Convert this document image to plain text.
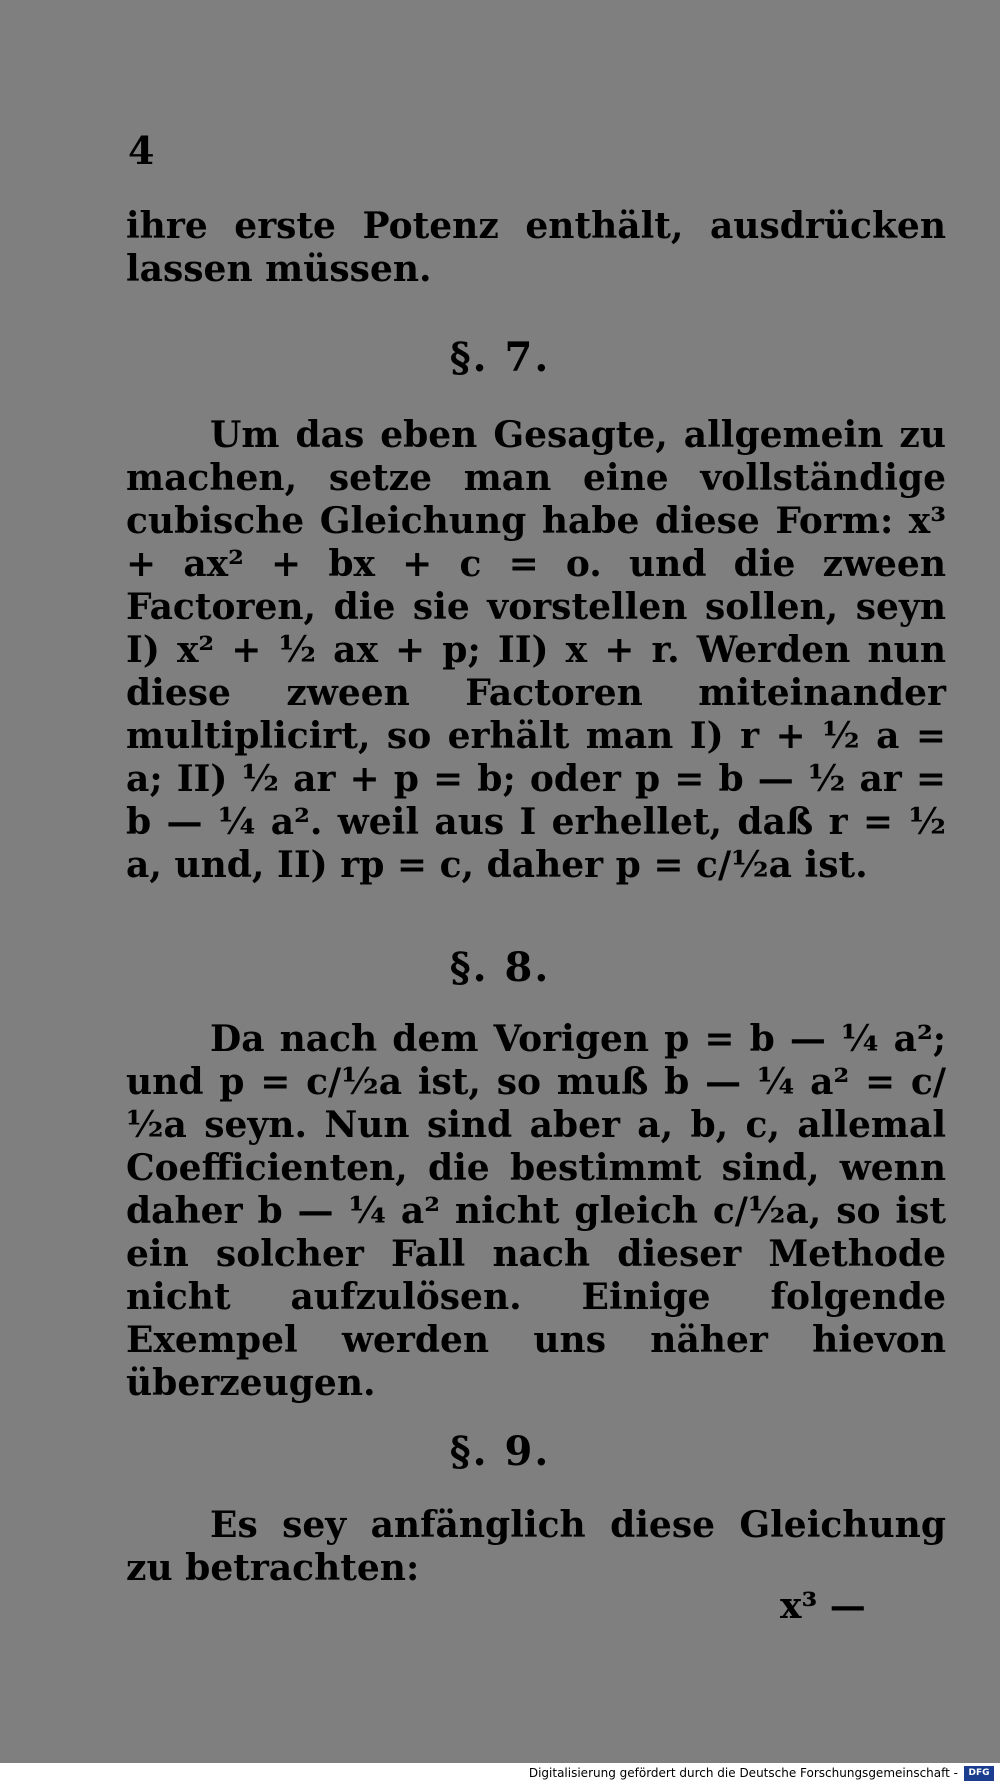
4

ihre erste Potenz enthält, ausdrücken lassen müssen.

§. 7.

Um das eben Gesagte, allgemein zu machen, setze man eine vollständige cubische Gleichung habe diese Form: x³ + ax² + bx + c = o. und die zween Factoren, die sie vorstellen sollen, seyn I) x² + ½ ax + p; II) x + r. Werden nun diese zween Factoren miteinander multiplicirt, so erhält man I) r + ½ a = a; II) ½ ar + p = b; oder p = b — ½ ar = b — ¼ a². weil aus I erhellet, daß r = ½ a, und, II) rp = c, daher p = c/½a ist.

§. 8.

Da nach dem Vorigen p = b — ¼ a²; und p = c/½a ist, so muß b — ¼ a² = c/½a seyn. Nun sind aber a, b, c, allemal Coefficienten, die bestimmt sind, wenn daher b — ¼ a² nicht gleich c/½a, so ist ein solcher Fall nach dieser Methode nicht aufzulösen. Einige folgende Exempel werden uns näher hievon überzeugen.

§. 9.

Es sey anfänglich diese Gleichung zu betrachten:

x³ —
Digitalisierung gefördert durch die Deutsche Forschungsgemeinschaft -	DFG
